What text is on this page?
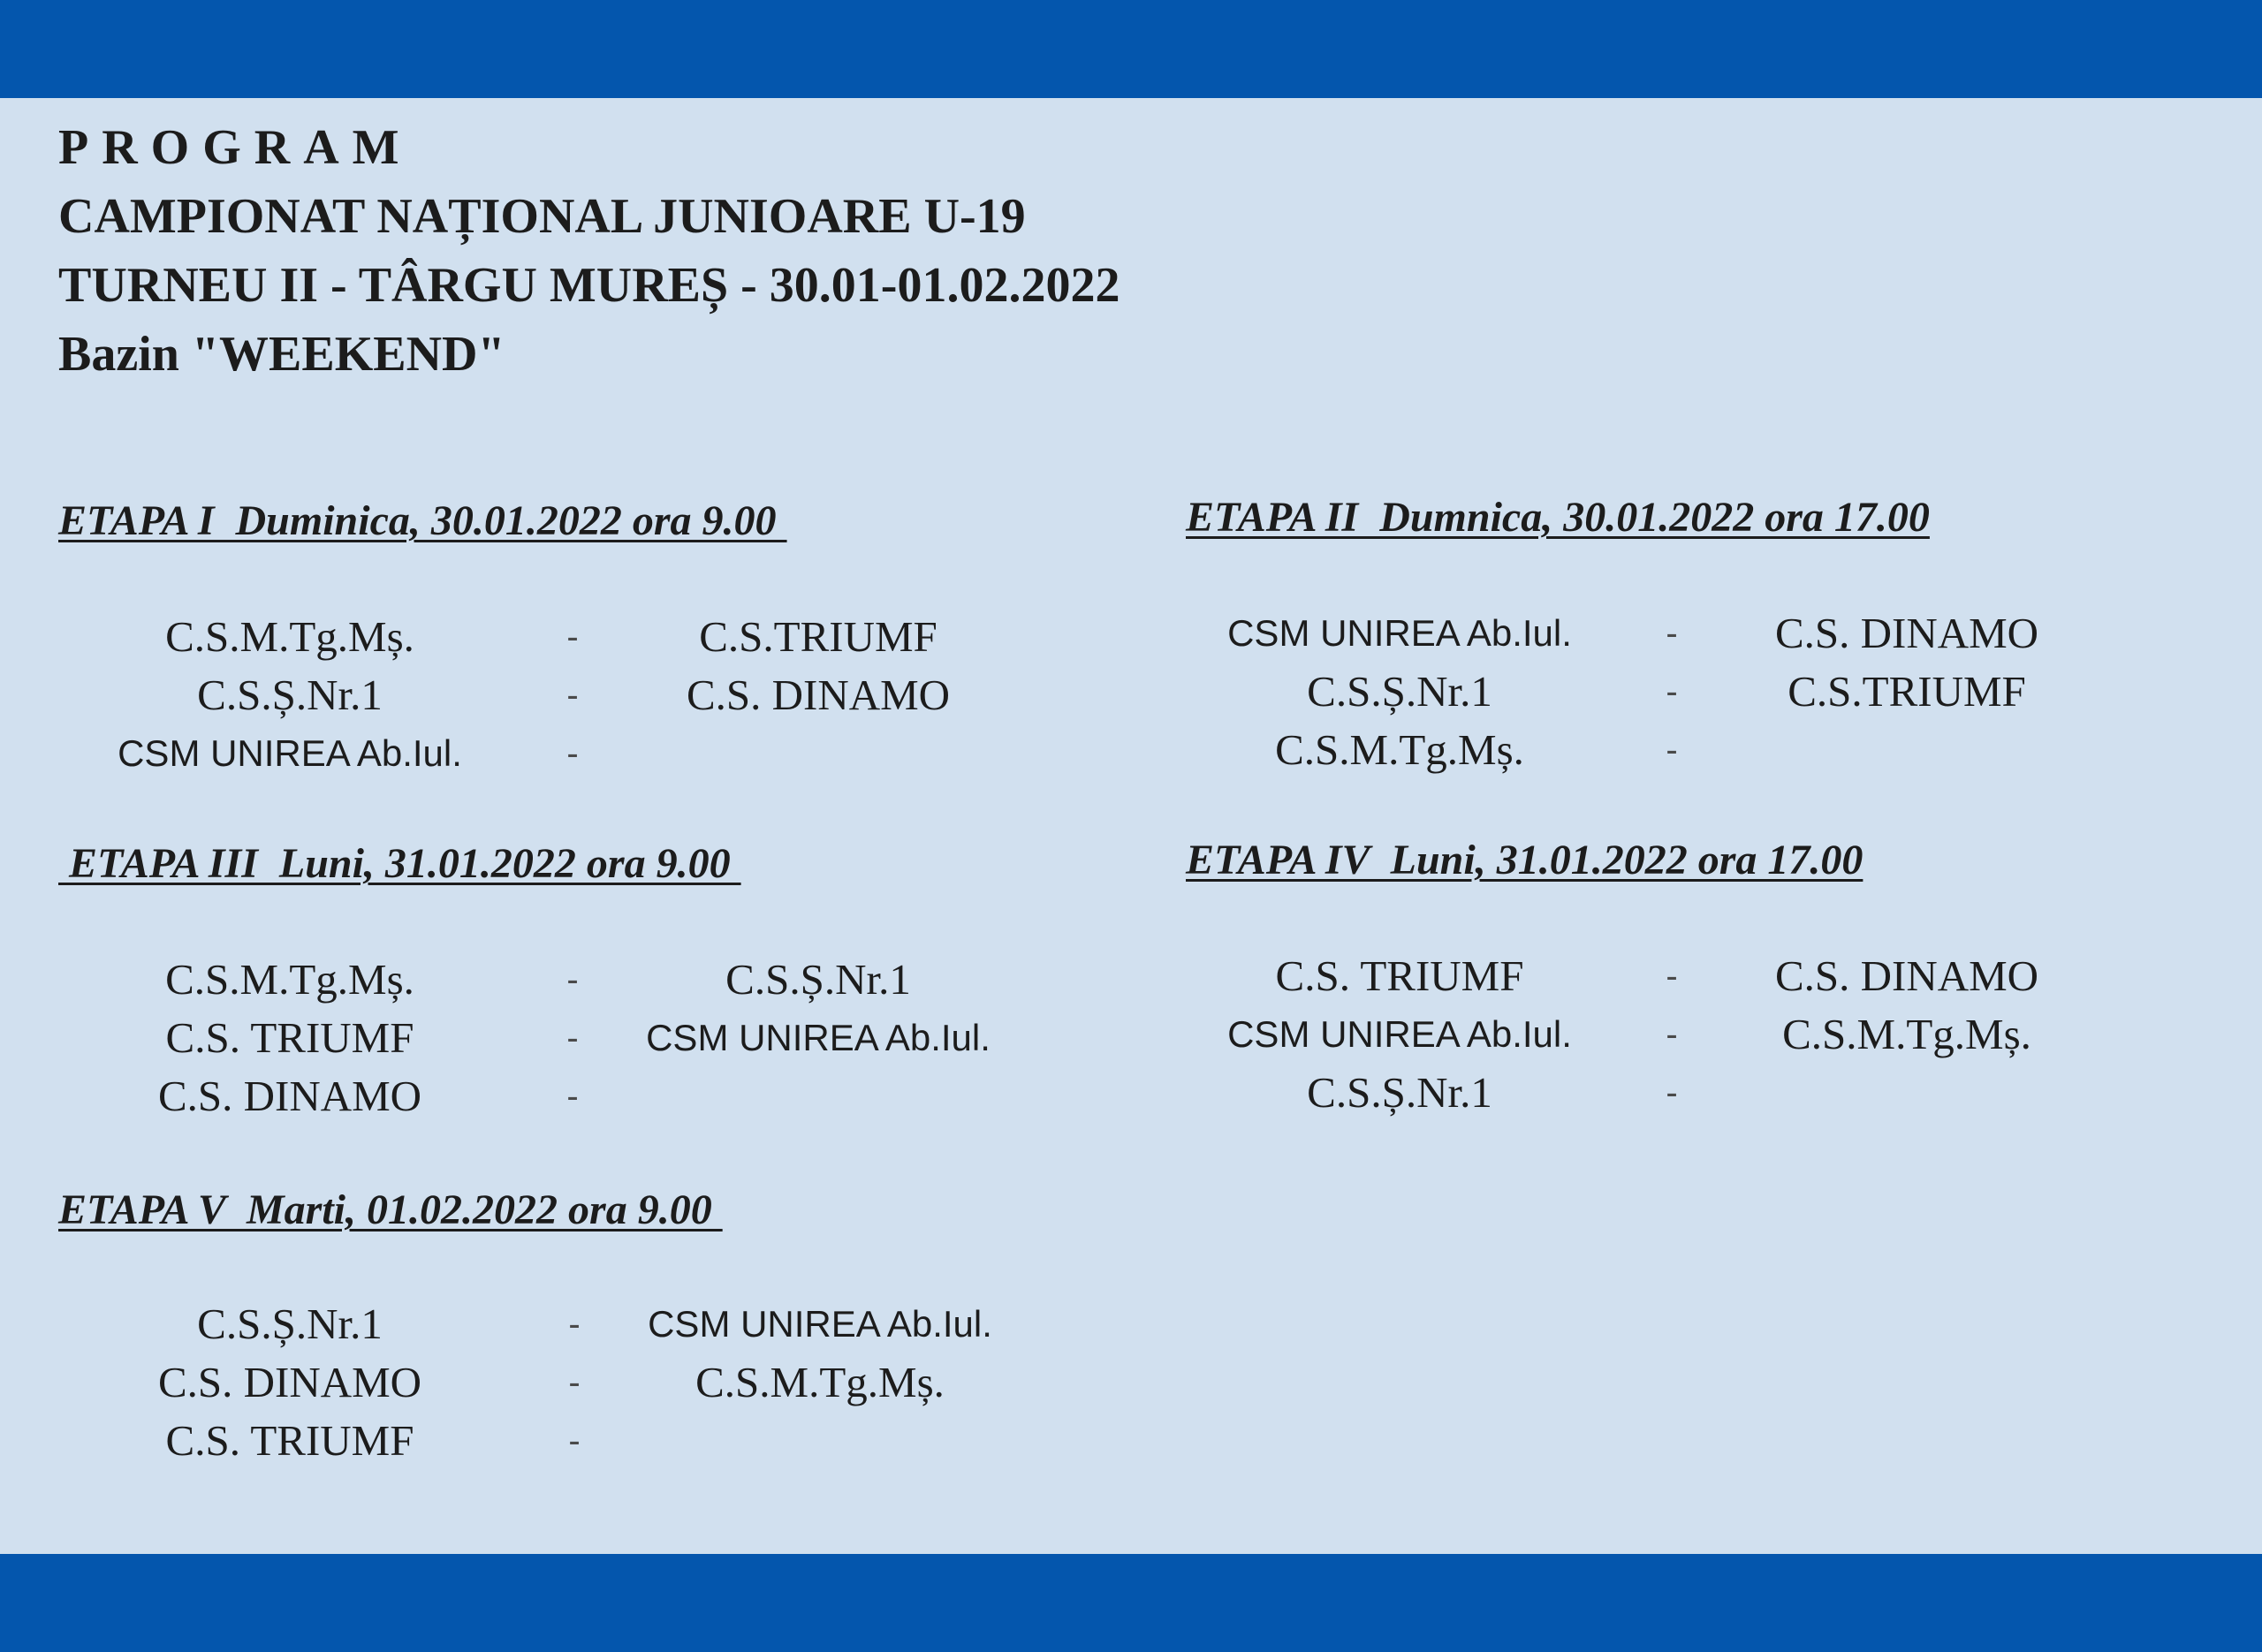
PROGRAM
CAMPIONAT NAȚIONAL JUNIOARE U-19
TURNEU II - TÂRGU MUREȘ - 30.01-01.02.2022
Bazin "WEEKEND"
ETAPA I  Duminica, 30.01.2022 ora 9.00
C.S.M.Tg.Mș.	-	C.S.TRIUMF
C.S.Ș.Nr.1	- C.S. DINAMO
CSM UNIREA Ab.Iul.	-
ETAPA II  Dumnica, 30.01.2022 ora 17.00
CSM UNIREA Ab.Iul.	- C.S. DINAMO
C.S.Ș.Nr.1	-	C.S.TRIUMF
C.S.M.Tg.Mș.	-
ETAPA III  Luni, 31.01.2022 ora 9.00
C.S.M.Tg.Mș.	-	C.S.Ș.Nr.1
C.S. TRIUMF	- CSM UNIREA Ab.Iul.
C.S. DINAMO	-
ETAPA IV  Luni, 31.01.2022 ora 17.00
C.S. TRIUMF	- C.S. DINAMO
CSM UNIREA Ab.Iul.	- C.S.M.Tg.Mș.
C.S.Ș.Nr.1	-
ETAPA V  Marti, 01.02.2022 ora 9.00
C.S.Ș.Nr.1	- CSM UNIREA Ab.Iul.
C.S. DINAMO	-	C.S.M.Tg.Mș.
C.S. TRIUMF	-
